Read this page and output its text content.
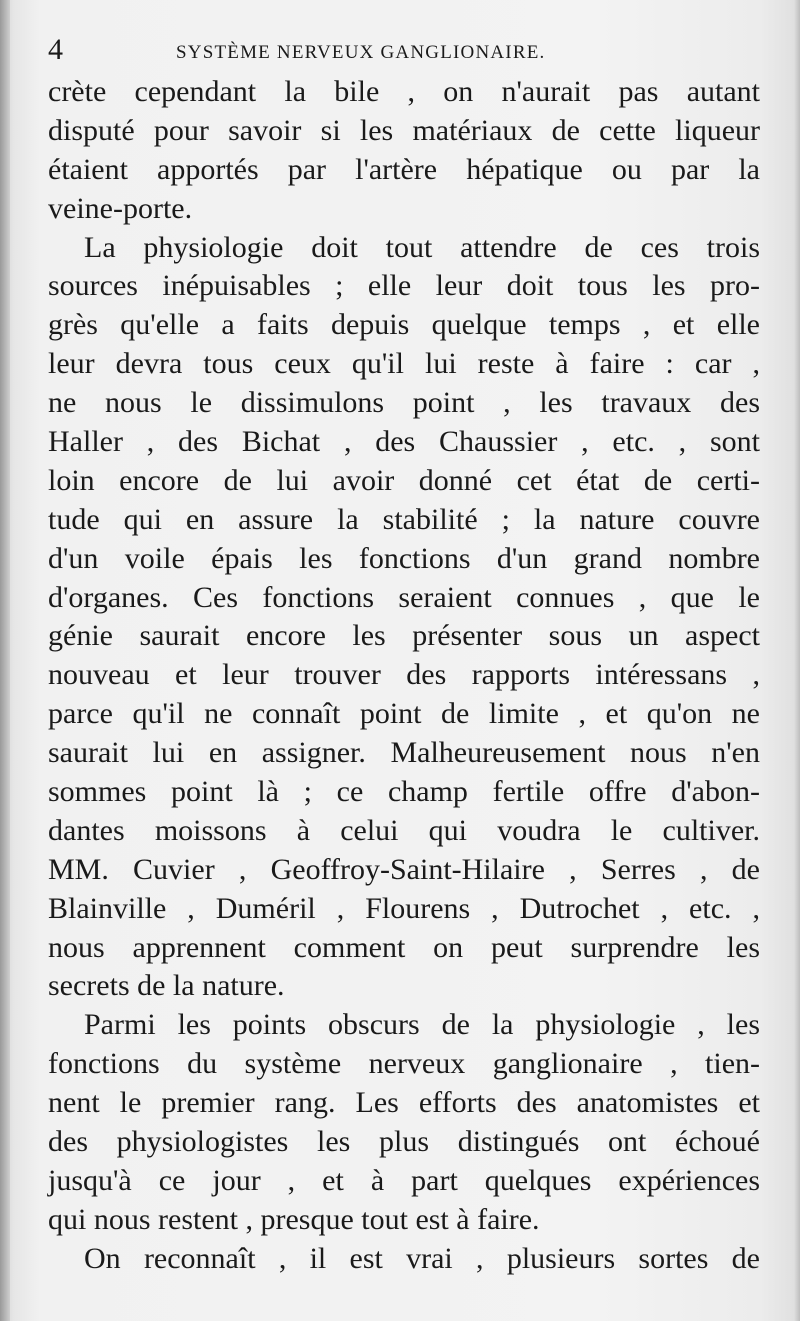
4	SYSTÈME NERVEUX GANGLIONAIRE.
crète cependant la bile , on n'aurait pas autant
disputé pour savoir si les matériaux de cette liqueur
étaient apportés par l'artère hépatique ou par la
veine-porte.
La physiologie doit tout attendre de ces trois
sources inépuisables ; elle leur doit tous les pro-
grès qu'elle a faits depuis quelque temps , et elle
leur devra tous ceux qu'il lui reste à faire : car ,
ne nous le dissimulons point , les travaux des
Haller , des Bichat , des Chaussier , etc. , sont
loin encore de lui avoir donné cet état de certi-
tude qui en assure la stabilité ; la nature couvre
d'un voile épais les fonctions d'un grand nombre
d'organes. Ces fonctions seraient connues , que le
génie saurait encore les présenter sous un aspect
nouveau et leur trouver des rapports intéressans ,
parce qu'il ne connaît point de limite , et qu'on ne
saurait lui en assigner. Malheureusement nous n'en
sommes point là ; ce champ fertile offre d'abon-
dantes moissons à celui qui voudra le cultiver.
MM. Cuvier , Geoffroy-Saint-Hilaire , Serres , de
Blainville , Duméril , Flourens , Dutrochet , etc. ,
nous apprennent comment on peut surprendre les
secrets de la nature.
Parmi les points obscurs de la physiologie , les
fonctions du système nerveux ganglionaire , tien-
nent le premier rang. Les efforts des anatomistes et
des physiologistes les plus distingués ont échoué
jusqu'à ce jour , et à part quelques expériences
qui nous restent , presque tout est à faire.
On reconnaît , il est vrai , plusieurs sortes de
